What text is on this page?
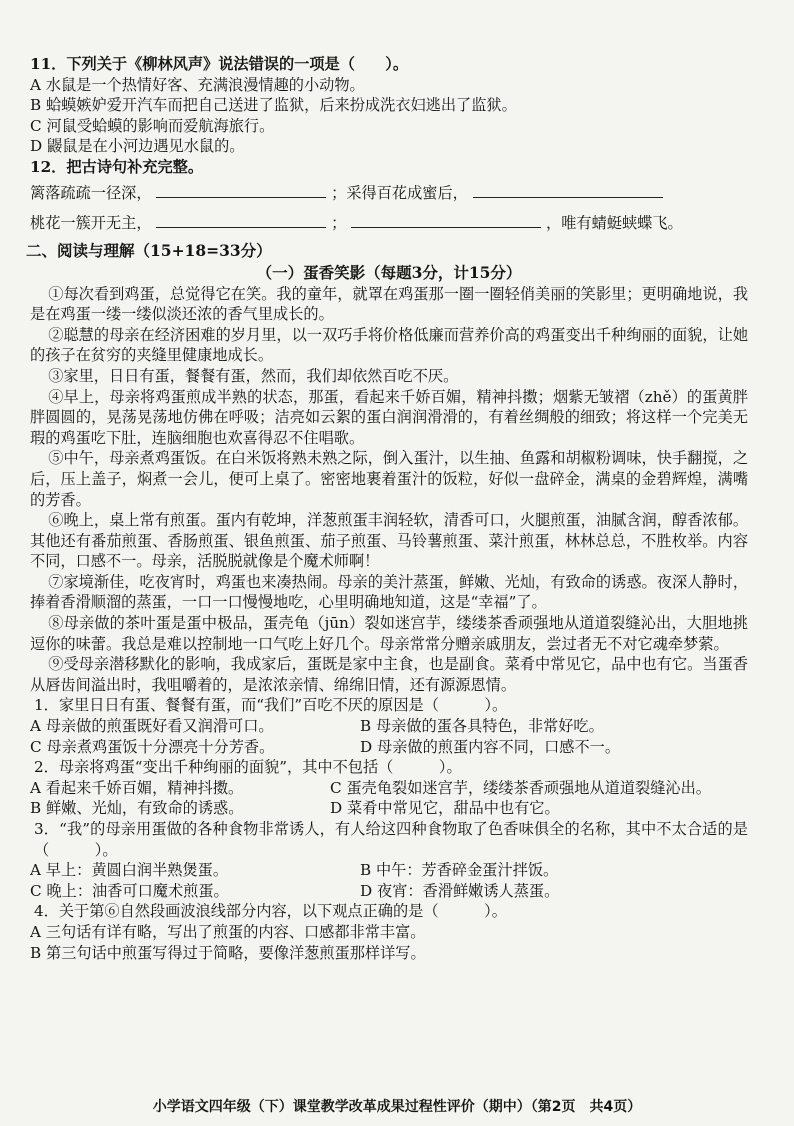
11．下列关于《柳林风声》说法错误的一项是（　　）。
A 水鼠是一个热情好客、充满浪漫情趣的小动物。
B 蛤蟆嫉妒爱开汽车而把自己送进了监狱，后来扮成洗衣妇逃出了监狱。
C 河鼠受蛤蟆的影响而爱航海旅行。
D 鼹鼠是在小河边遇见水鼠的。
12．把古诗句补充完整。
篱落疏疏一径深，	；采得百花成蜜后，
桃花一簇开无主，	；	，唯有蜻蜓蛱蝶飞。
二、阅读与理解（15+18=33分）
（一）蛋香笑影（每题3分，计15分）
①每次看到鸡蛋，总觉得它在笑。我的童年，就罩在鸡蛋那一圈一圈轻俏美丽的笑影里；更明确地说，我是在鸡蛋一缕一缕似淡还浓的香气里成长的。
②聪慧的母亲在经济困难的岁月里，以一双巧手将价格低廉而营养价高的鸡蛋变出千种绚丽的面貌，让她的孩子在贫穷的夹缝里健康地成长。
③家里，日日有蛋，餐餐有蛋，然而，我们却依然百吃不厌。
④早上，母亲将鸡蛋煎成半熟的状态，那蛋，看起来千娇百媚，精神抖擞；烟紫无皱褶（zhě）的蛋黄胖胖圆圆的，晃荡晃荡地仿佛在呼吸；洁亮如云絮的蛋白润润滑滑的，有着丝绸般的细致；将这样一个完美无瑕的鸡蛋吃下肚，连脑细胞也欢喜得忍不住唱歌。
⑤中午，母亲煮鸡蛋饭。在白米饭将熟未熟之际，倒入蛋汁，以生抽、鱼露和胡椒粉调味，快手翻搅，之后，压上盖子，焖煮一会儿，便可上桌了。密密地裹着蛋汁的饭粒，好似一盘碎金，满桌的金碧辉煌，满嘴的芳香。
⑥晚上，桌上常有煎蛋。蛋内有乾坤，洋葱煎蛋丰润轻软，清香可口，火腿煎蛋，油腻含润，醇香浓郁。其他还有番茄煎蛋、香肠煎蛋、银鱼煎蛋、茄子煎蛋、马铃薯煎蛋、菜汁煎蛋，林林总总，不胜枚举。内容不同，口感不一。母亲，活脱脱就像是个魔术师啊！
⑦家境渐佳，吃夜宵时，鸡蛋也来凑热闹。母亲的美汁蒸蛋，鲜嫩、光灿，有致命的诱惑。夜深人静时，捧着香滑顺溜的蒸蛋，一口一口慢慢地吃，心里明确地知道，这是“幸福”了。
⑧母亲做的茶叶蛋是蛋中极品，蛋壳龟（jūn）裂如迷宫芋，缕缕茶香顽强地从道道裂缝沁出，大胆地挑逗你的味蕾。我总是难以控制地一口气吃上好几个。母亲常常分赠亲戚朋友，尝过者无不对它魂牵梦萦。
⑨受母亲潜移默化的影响，我成家后，蛋既是家中主食，也是副食。菜肴中常见它，品中也有它。当蛋香从唇齿间溢出时，我咀嚼着的，是浓浓亲情、绵绵旧情，还有源源恩情。
1．家里日日有蛋、餐餐有蛋，而“我们”百吃不厌的原因是（　　　）。
A 母亲做的煎蛋既好看又润滑可口。	B 母亲做的蛋各具特色，非常好吃。
C 母亲煮鸡蛋饭十分漂亮十分芳香。	D 母亲做的煎蛋内容不同，口感不一。
2．母亲将鸡蛋“变出千种绚丽的面貌”，其中不包括（　　　）。
A 看起来千娇百媚，精神抖擞。	C 蛋壳龟裂如迷宫芋，缕缕茶香顽强地从道道裂缝沁出。
B 鲜嫩、光灿，有致命的诱惑。	D 菜肴中常见它，甜品中也有它。
3．“我”的母亲用蛋做的各种食物非常诱人，有人给这四种食物取了色香味俱全的名称，其中不太合适的是（　　　）。
A 早上：黄圆白润半熟煲蛋。	B 中午：芳香碎金蛋汁拌饭。
C 晚上：油香可口魔术煎蛋。	D 夜宵：香滑鲜嫩诱人蒸蛋。
4．关于第⑥自然段画波浪线部分内容，以下观点正确的是（　　　）。
A 三句话有详有略，写出了煎蛋的内容、口感都非常丰富。
B 第三句话中煎蛋写得过于简略，要像洋葱煎蛋那样详写。
小学语文四年级（下）课堂教学改革成果过程性评价（期中）（第2页　共4页）
